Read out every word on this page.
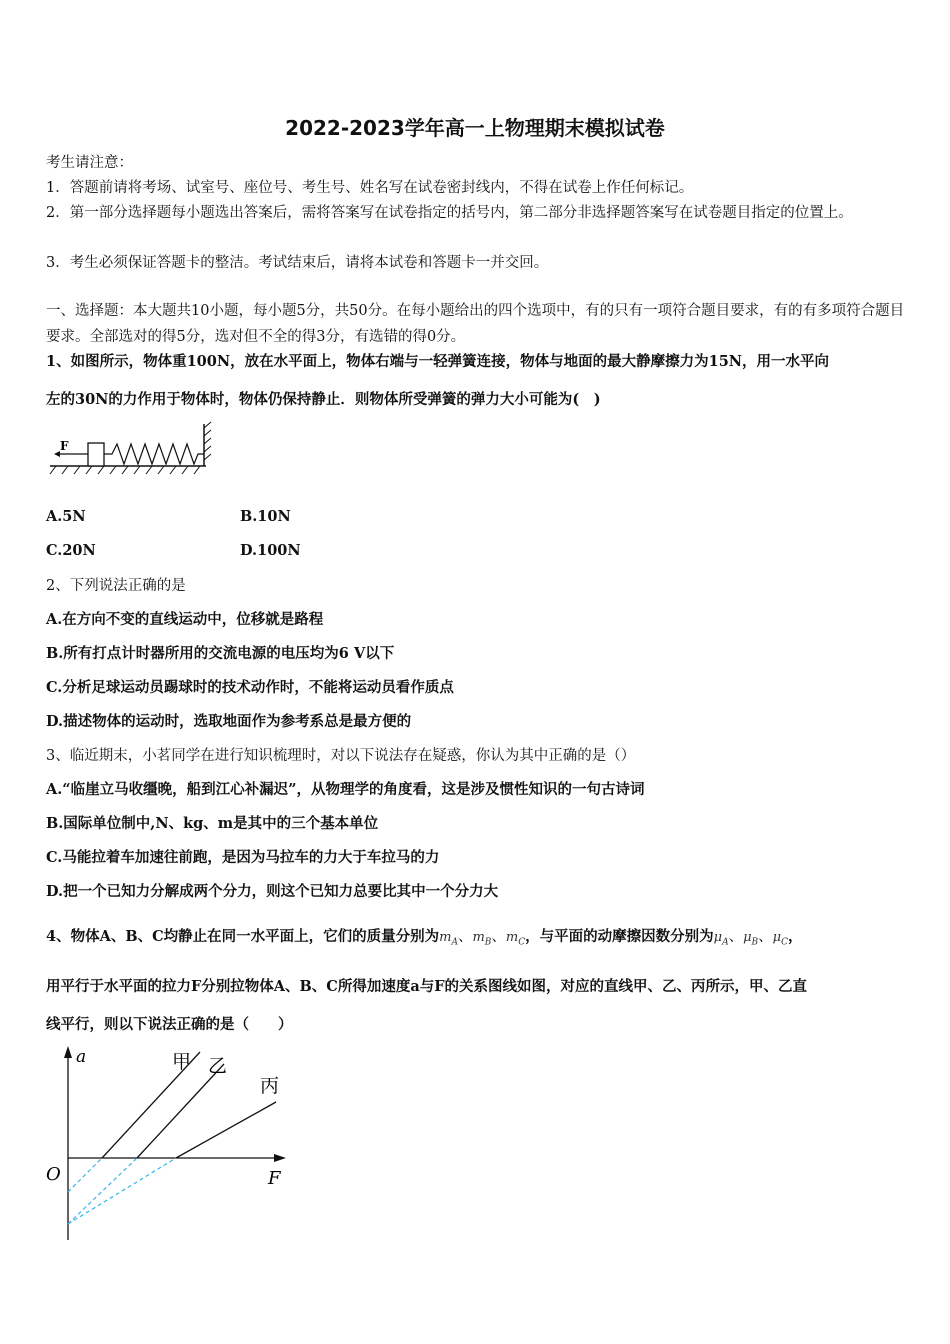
2022-2023学年高一上物理期末模拟试卷
考生请注意：
1．答题前请将考场、试室号、座位号、考生号、姓名写在试卷密封线内，不得在试卷上作任何标记。
2．第一部分选择题每小题选出答案后，需将答案写在试卷指定的括号内，第二部分非选择题答案写在试卷题目指定的位置上。
3．考生必须保证答题卡的整洁。考试结束后，请将本试卷和答题卡一并交回。
一、选择题：本大题共10小题，每小题5分，共50分。在每小题给出的四个选项中，有的只有一项符合题目要求，有的有多项符合题目要求。全部选对的得5分，选对但不全的得3分，有选错的得0分。
1、如图所示，物体重100N，放在水平面上，物体右端与一轻弹簧连接，物体与地面的最大静摩擦力为15N，用一水平向
左的30N的力作用于物体时，物体仍保持静止．则物体所受弹簧的弹力大小可能为(　)
F
A.5N	B.10N
C.20N	D.100N
2、下列说法正确的是
A.在方向不变的直线运动中，位移就是路程
B.所有打点计时器所用的交流电源的电压均为6 V以下
C.分析足球运动员踢球时的技术动作时，不能将运动员看作质点
D.描述物体的运动时，选取地面作为参考系总是最方便的
3、临近期末，小茗同学在进行知识梳理时，对以下说法存在疑惑，你认为其中正确的是（）
A.“临崖立马收缰晚，船到江心补漏迟”，从物理学的角度看，这是涉及惯性知识的一句古诗词
B.国际单位制中,N、kg、m是其中的三个基本单位
C.马能拉着车加速往前跑，是因为马拉车的力大于车拉马的力
D.把一个已知力分解成两个分力，则这个已知力总要比其中一个分力大
4、物体A、B、C均静止在同一水平面上，它们的质量分别为$m_A$、$m_B$、$m_C$，与平面的动摩擦因数分别为$\mu_A$、$\mu_B$、$\mu_C$，
用平行于水平面的拉力F分别拉物体A、B、C所得加速度a与F的关系图线如图，对应的直线甲、乙、丙所示，甲、乙直
线平行，则以下说法正确的是（　　）
a
F
O
甲 乙
丙
